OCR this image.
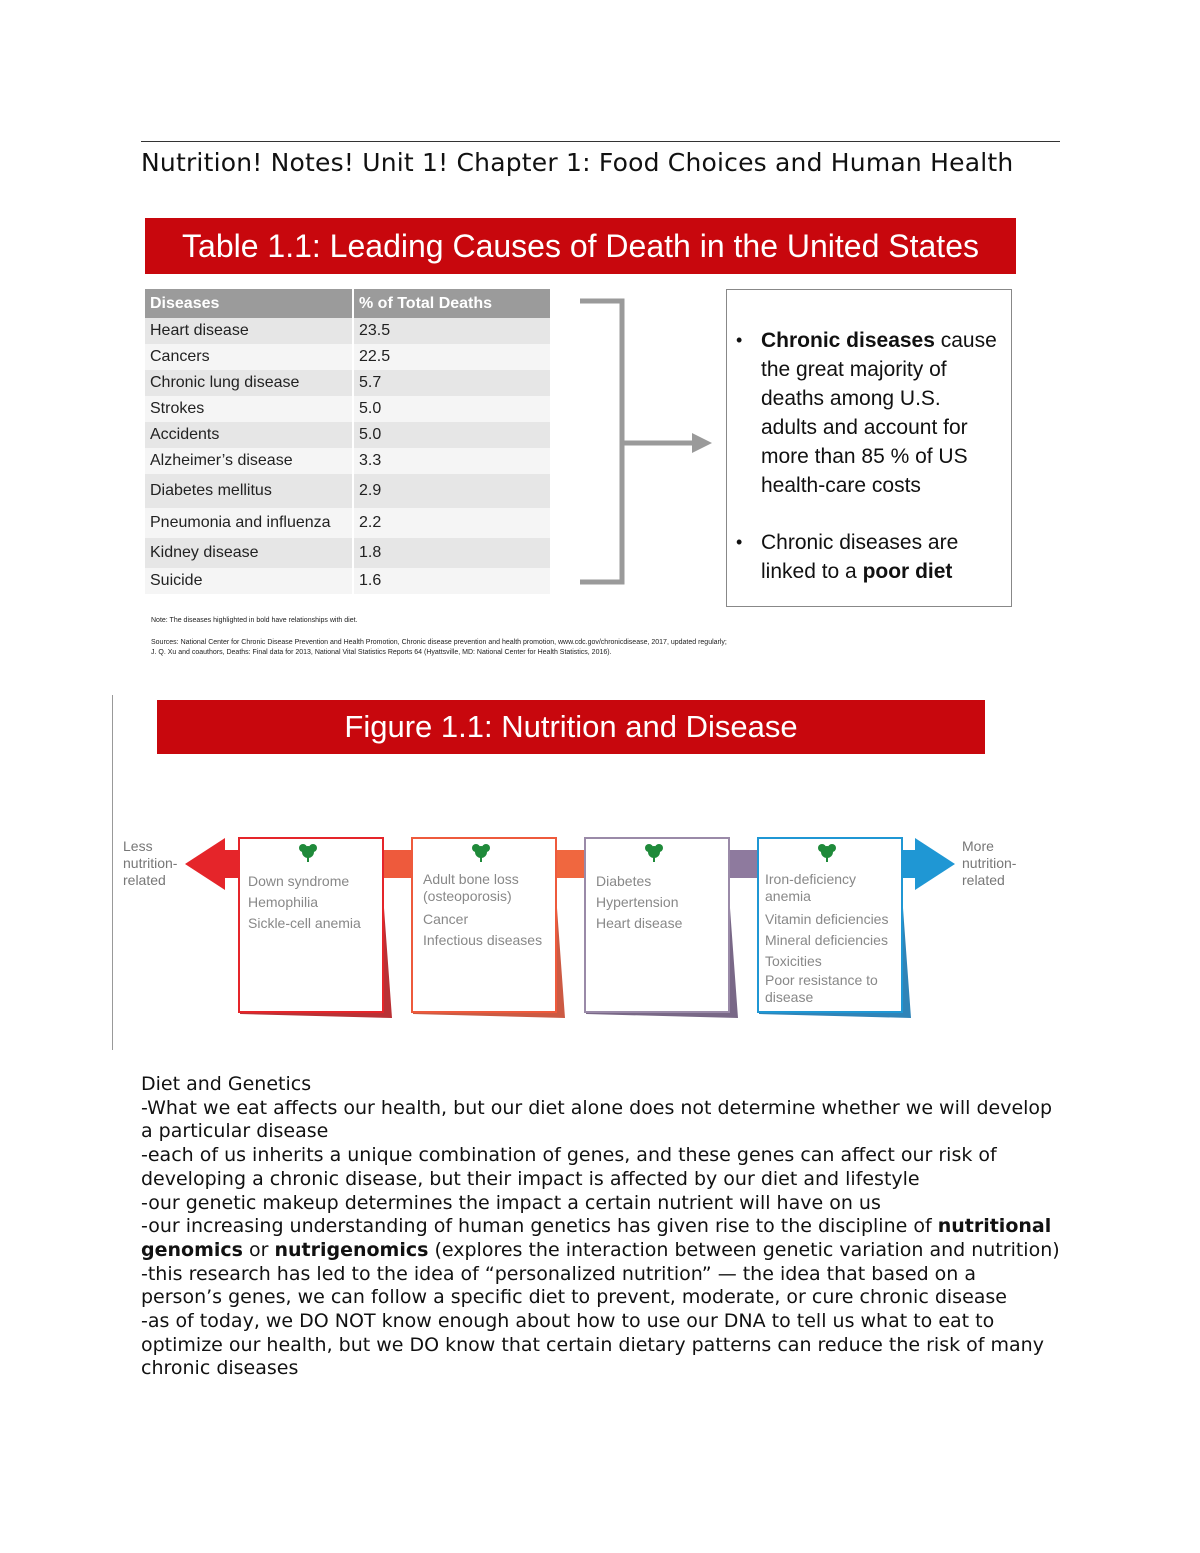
Nutrition! Notes! Unit 1! Chapter 1: Food Choices and Human Health
Table 1.1: Leading Causes of Death in the United States
Diseases	% of Total Deaths
Heart disease	23.5
Cancers	22.5
Chronic lung disease	5.7
Strokes	5.0
Accidents	5.0
Alzheimer’s disease	3.3
Diabetes mellitus	2.9
Pneumonia and influenza	2.2
Kidney disease	1.8
Suicide	1.6
• Chronic diseases cause the great majority of deaths among U.S. adults and account for more than 85 % of US health-care costs
• Chronic diseases are linked to a poor diet
Note: The diseases highlighted in bold have relationships with diet.
Sources: National Center for Chronic Disease Prevention and Health Promotion, Chronic disease prevention and health promotion, www.cdc.gov/chronicdisease, 2017, updated regularly; J. Q. Xu and coauthors, Deaths: Final data for 2013, National Vital Statistics Reports 64 (Hyattsville, MD: National Center for Health Statistics, 2016).
Figure 1.1: Nutrition and Disease
Less
nutrition-
related
More
nutrition-
related
Down syndrome
Hemophilia
Sickle-cell anemia
Adult bone loss
(osteoporosis)
Cancer
Infectious diseases
Diabetes
Hypertension
Heart disease
Iron-deficiency
anemia
Vitamin deficiencies
Mineral deficiencies
Toxicities
Poor resistance to
disease

Diet and Genetics

-What we eat affects our health, but our diet alone does not determine whether we will develop a particular disease

-each of us inherits a unique combination of genes, and these genes can affect our risk of developing a chronic disease, but their impact is affected by our diet and lifestyle

-our genetic makeup determines the impact a certain nutrient will have on us

-our increasing understanding of human genetics has given rise to the discipline of nutritional genomics or nutrigenomics (explores the interaction between genetic variation and nutrition)

-this research has led to the idea of “personalized nutrition” — the idea that based on a person’s genes, we can follow a specific diet to prevent, moderate, or cure chronic disease

-as of today, we DO NOT know enough about how to use our DNA to tell us what to eat to optimize our health, but we DO know that certain dietary patterns can reduce the risk of many chronic diseases
